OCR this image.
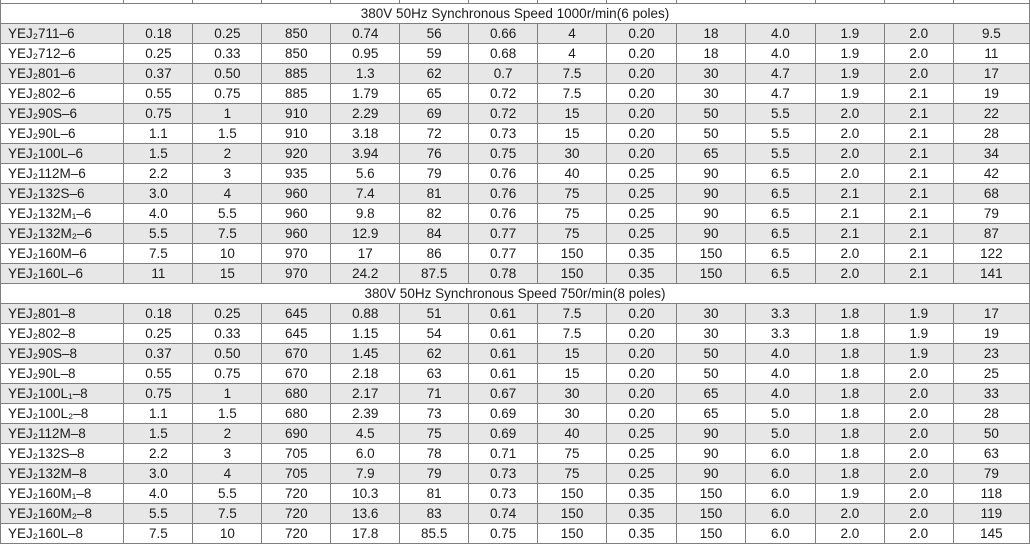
380V 50Hz Synchronous Speed 1000r/min(6 poles)													
YEJ₂711–6	0.18	0.25	850	0.74	56	0.66	4	0.20	18	4.0	1.9	2.0	9.5
YEJ₂712–6	0.25	0.33	850	0.95	59	0.68	4	0.20	18	4.0	1.9	2.0	11
YEJ₂801–6	0.37	0.50	885	1.3	62	0.7	7.5	0.20	30	4.7	1.9	2.0	17
YEJ₂802–6	0.55	0.75	885	1.79	65	0.72	7.5	0.20	30	4.7	1.9	2.1	19
YEJ₂90S–6	0.75	1	910	2.29	69	0.72	15	0.20	50	5.5	2.0	2.1	22
YEJ₂90L–6	1.1	1.5	910	3.18	72	0.73	15	0.20	50	5.5	2.0	2.1	28
YEJ₂100L–6	1.5	2	920	3.94	76	0.75	30	0.20	65	5.5	2.0	2.1	34
YEJ₂112M–6	2.2	3	935	5.6	79	0.76	40	0.25	90	6.5	2.0	2.1	42
YEJ₂132S–6	3.0	4	960	7.4	81	0.76	75	0.25	90	6.5	2.1	2.1	68
YEJ₂132M₁–6	4.0	5.5	960	9.8	82	0.76	75	0.25	90	6.5	2.1	2.1	79
YEJ₂132M₂–6	5.5	7.5	960	12.9	84	0.77	75	0.25	90	6.5	2.1	2.1	87
YEJ₂160M–6	7.5	10	970	17	86	0.77	150	0.35	150	6.5	2.0	2.1	122
YEJ₂160L–6	11	15	970	24.2	87.5	0.78	150	0.35	150	6.5	2.0	2.1	141
380V 50Hz Synchronous Speed 750r/min(8 poles)													
YEJ₂801–8	0.18	0.25	645	0.88	51	0.61	7.5	0.20	30	3.3	1.8	1.9	17
YEJ₂802–8	0.25	0.33	645	1.15	54	0.61	7.5	0.20	30	3.3	1.8	1.9	19
YEJ₂90S–8	0.37	0.50	670	1.45	62	0.61	15	0.20	50	4.0	1.8	1.9	23
YEJ₂90L–8	0.55	0.75	670	2.18	63	0.61	15	0.20	50	4.0	1.8	2.0	25
YEJ₂100L₁–8	0.75	1	680	2.17	71	0.67	30	0.20	65	4.0	1.8	2.0	33
YEJ₂100L₂–8	1.1	1.5	680	2.39	73	0.69	30	0.20	65	5.0	1.8	2.0	28
YEJ₂112M–8	1.5	2	690	4.5	75	0.69	40	0.25	90	5.0	1.8	2.0	50
YEJ₂132S–8	2.2	3	705	6.0	78	0.71	75	0.25	90	6.0	1.8	2.0	63
YEJ₂132M–8	3.0	4	705	7.9	79	0.73	75	0.25	90	6.0	1.8	2.0	79
YEJ₂160M₁–8	4.0	5.5	720	10.3	81	0.73	150	0.35	150	6.0	1.9	2.0	118
YEJ₂160M₂–8	5.5	7.5	720	13.6	83	0.74	150	0.35	150	6.0	2.0	2.0	119
YEJ₂160L–8	7.5	10	720	17.8	85.5	0.75	150	0.35	150	6.0	2.0	2.0	145
